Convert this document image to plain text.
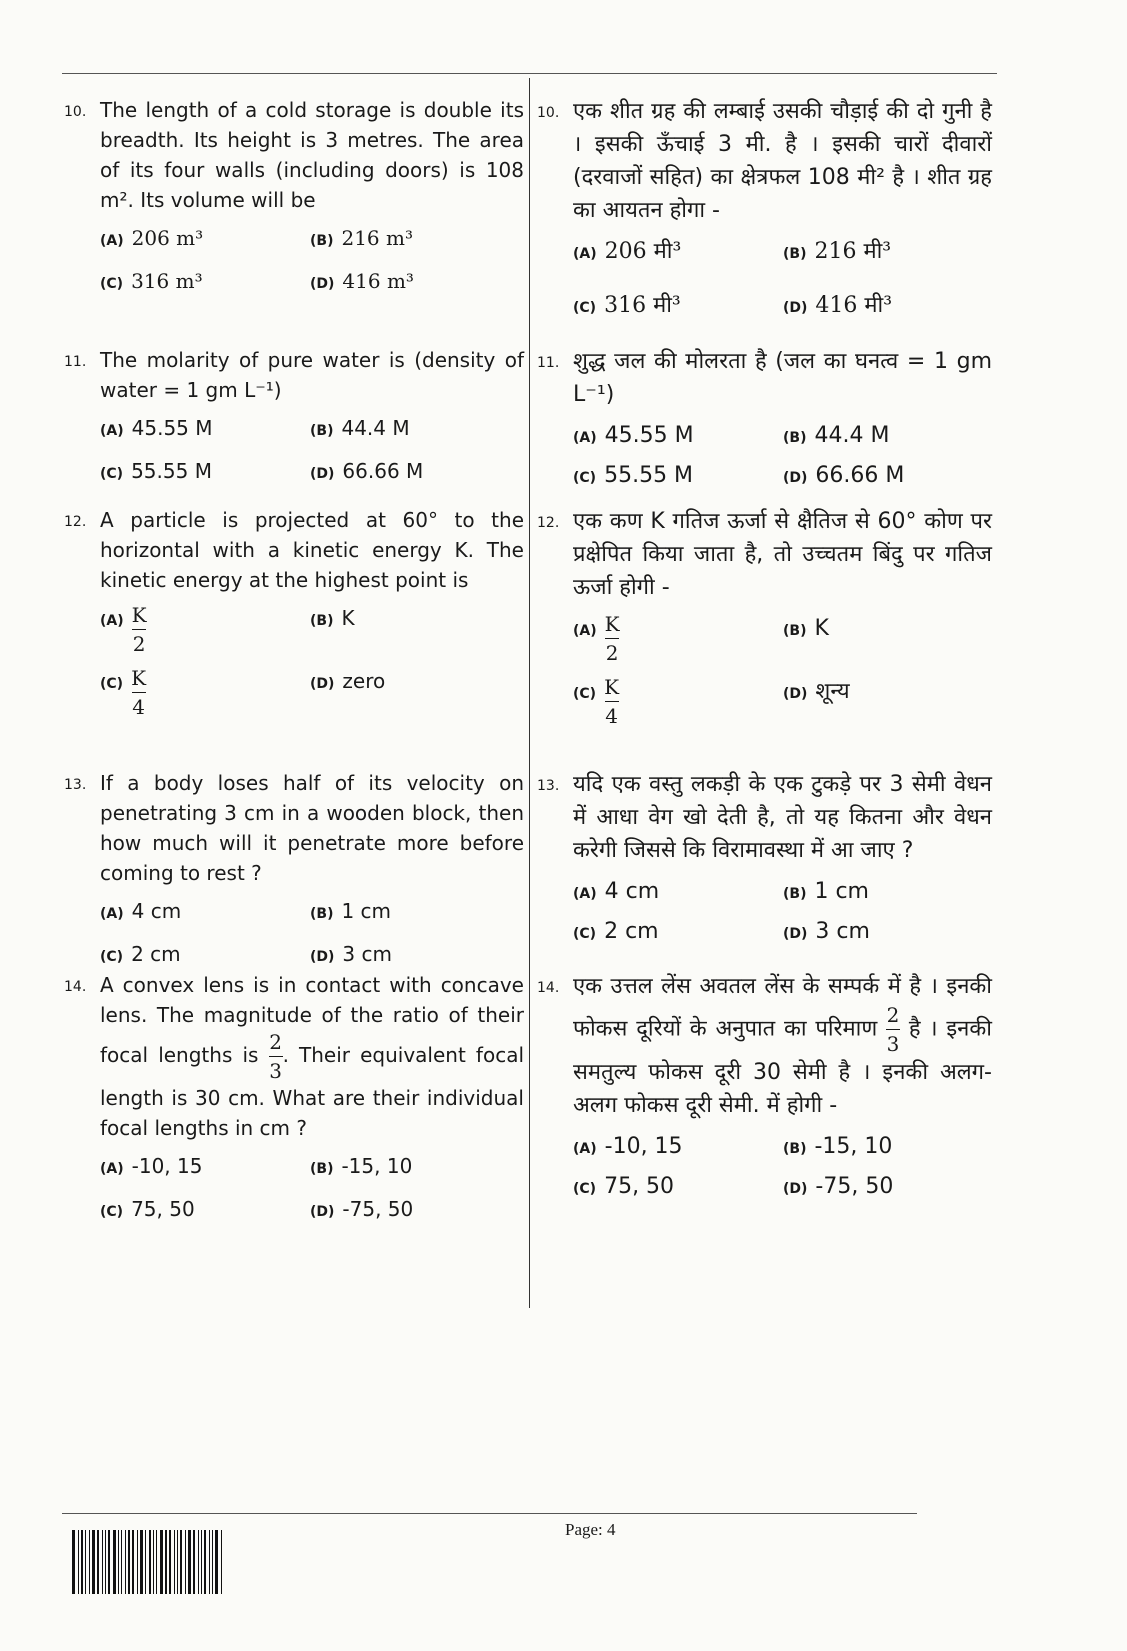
10. The length of a cold storage is double its breadth. Its height is 3 metres. The area of its four walls (including doors) is 108 m². Its volume will be
(A) 206 m³	(B) 216 m³
(C) 316 m³	(D) 416 m³
11. The molarity of pure water is (density of water = 1 gm L⁻¹)
(A) 45.55 M	(B) 44.4 M
(C) 55.55 M	(D) 66.66 M
12. A particle is projected at 60° to the horizontal with a kinetic energy K. The kinetic energy at the highest point is
$(A) \frac{K}{2}$	(B) K
$(C) \frac{K}{4}$	(D) zero
13. If a body loses half of its velocity on penetrating 3 cm in a wooden block, then how much will it penetrate more before coming to rest ?
(A) 4 cm	(B) 1 cm
(C) 2 cm	(D) 3 cm
14. A convex lens is in contact with concave lens. The magnitude of the ratio of their focal lengths is $\frac{2}{3}$ . Their equivalent focal length is 30 cm. What are their individual focal lengths in cm ?
(A) -10, 15	(B) -15, 10
(C) 75, 50	(D) -75, 50
10. एक शीत ग्रह की लम्बाई उसकी चौड़ाई की दो गुनी है । इसकी ऊँचाई 3 मी. है । इसकी चारों दीवारों (दरवाजों सहित) का क्षेत्रफल 108 मी² है । शीत ग्रह का आयतन होगा -
(A) 206 मी³	(B) 216 मी³
(C) 316 मी³	(D) 416 मी³
11. शुद्ध जल की मोलरता है (जल का घनत्व = 1 gm L⁻¹)
(A) 45.55 M	(B) 44.4 M
(C) 55.55 M	(D) 66.66 M
12. एक कण K गतिज ऊर्जा से क्षैतिज से 60° कोण पर प्रक्षेपित किया जाता है, तो उच्चतम बिंदु पर गतिज ऊर्जा होगी -
$(A) \frac{K}{2}$	(B) K
$(C) \frac{K}{4}$	(D) शून्य
13. यदि एक वस्तु लकड़ी के एक टुकड़े पर 3 सेमी वेधन में आधा वेग खो देती है, तो यह कितना और वेधन करेगी जिससे कि विरामावस्था में आ जाए ?
(A) 4 cm	(B) 1 cm
(C) 2 cm	(D) 3 cm
14. एक उत्तल लेंस अवतल लेंस के सम्पर्क में है । इनकी फोकस दूरियों के अनुपात का परिमाण $\frac{2}{3}$ है । इनकी समतुल्य फोकस दूरी 30 सेमी है । इनकी अलग-अलग फोकस दूरी सेमी. में होगी -
(A) -10, 15	(B) -15, 10
(C) 75, 50	(D) -75, 50
Page: 4
